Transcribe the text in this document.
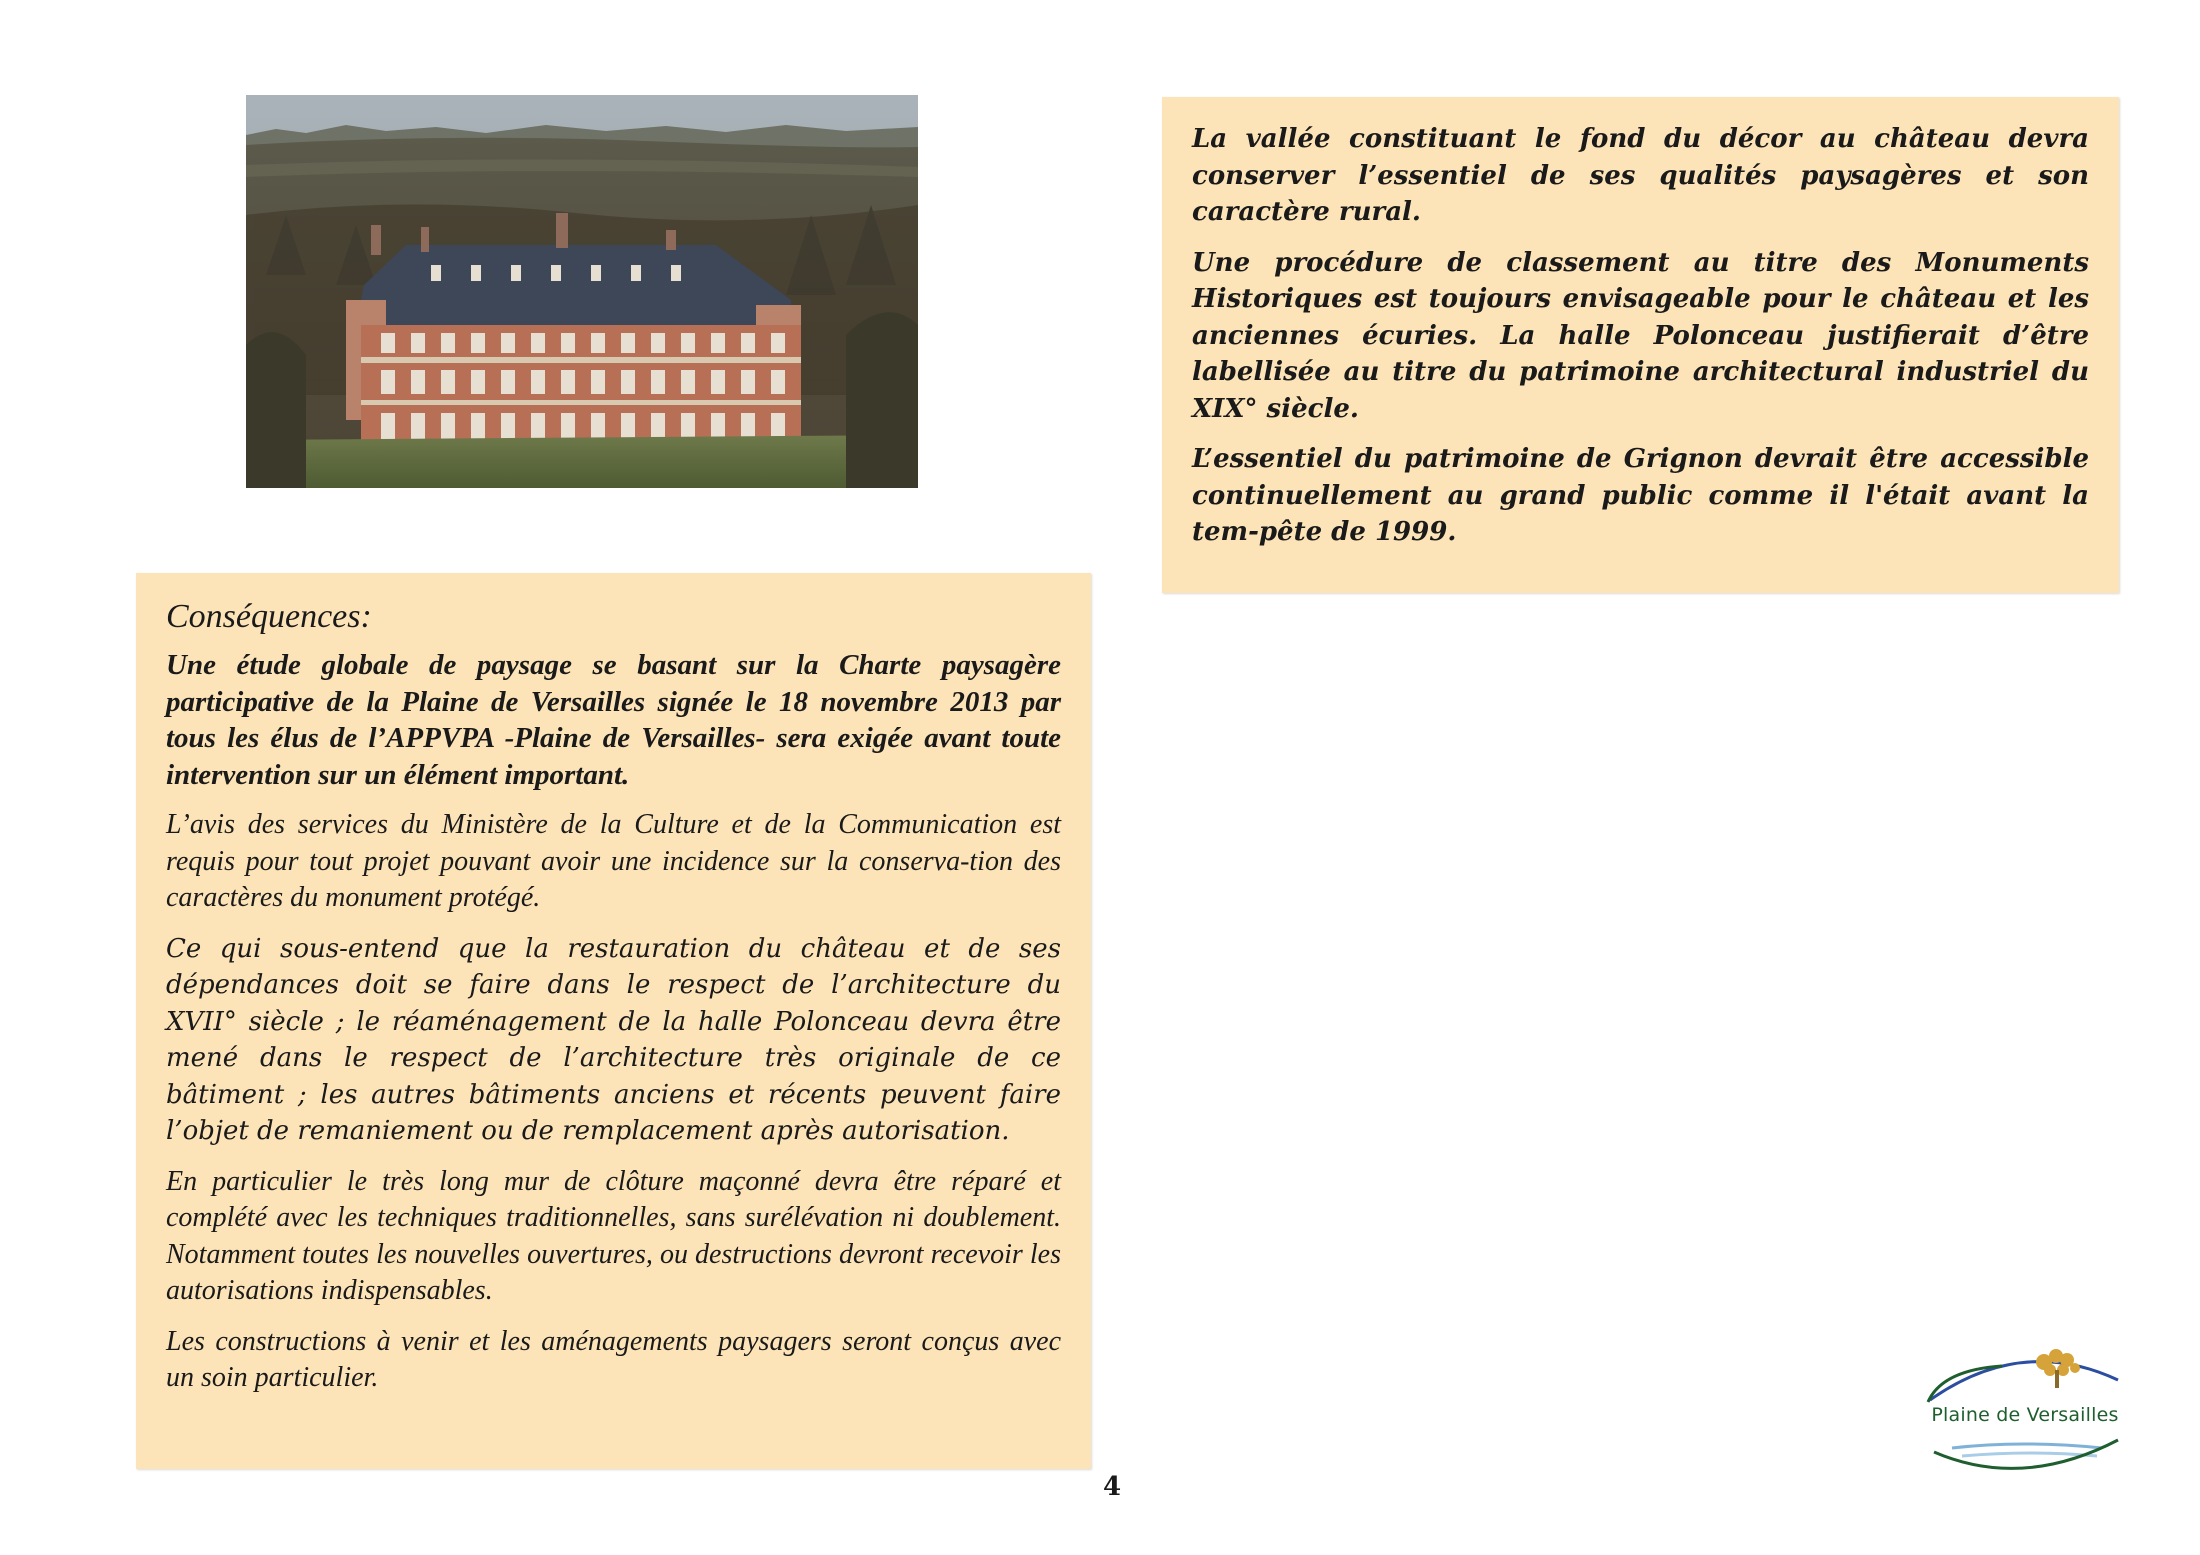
La vallée constituant le fond du décor au château devra conserver l’essentiel de ses qualités paysagères et son caractère rural.

Une procédure de classement au titre des Monuments Historiques est toujours envisageable pour le château et les anciennes écuries. La halle Polonceau justifierait d’être labellisée au titre du patrimoine architectural industriel du XIX° siècle.

L’essentiel du patrimoine de Grignon devrait être accessible continuellement au grand public comme il l'était avant la tem-pête de 1999.

Conséquences:

Une étude globale de paysage se basant sur la Charte paysagère participative de la Plaine de Versailles signée le 18 novembre 2013 par tous les élus de l’APPVPA -Plaine de Versailles- sera exigée avant toute intervention sur un élément important.

L’avis des services du Ministère de la Culture et de la Communication est requis pour tout projet pouvant avoir une incidence sur la conserva-tion des caractères du monument protégé.

Ce qui sous-entend que la restauration du château et de ses dépendances doit se faire dans le respect de l’architecture du XVII° siècle ; le réaménagement de la halle Polonceau devra être mené dans le respect de l’architecture très originale de ce bâtiment ; les autres bâtiments anciens et récents peuvent faire l’objet de remaniement ou de remplacement après autorisation.

En particulier le très long mur de clôture maçonné devra être réparé et complété avec les techniques traditionnelles, sans surélévation ni doublement. Notamment toutes les nouvelles ouvertures, ou destructions devront recevoir les autorisations indispensables.

Les constructions à venir et les aménagements paysagers seront conçus avec un soin particulier.

4
Plaine de Versailles
